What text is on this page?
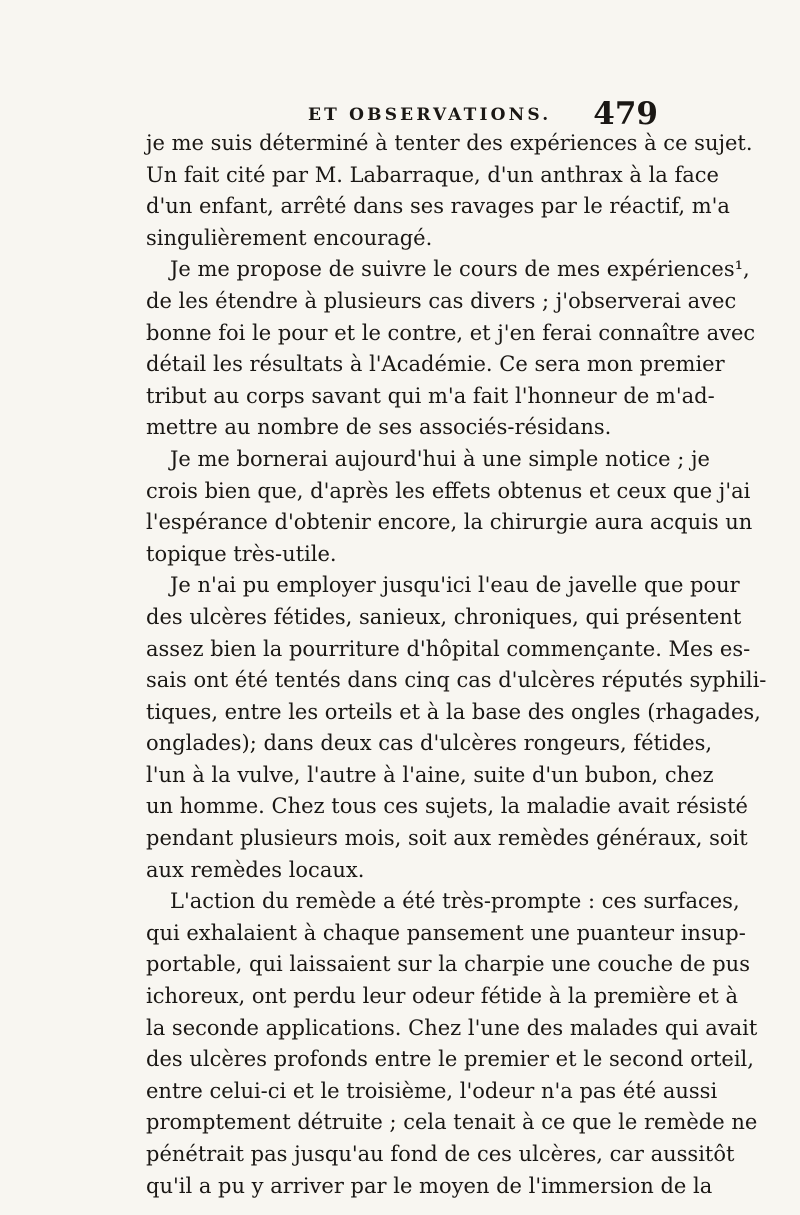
ET OBSERVATIONS. 479
je me suis déterminé à tenter des expériences à ce sujet.
Un fait cité par M. Labarraque, d'un anthrax à la face
d'un enfant, arrêté dans ses ravages par le réactif, m'a
singulièrement encouragé.
Je me propose de suivre le cours de mes expériences¹,
de les étendre à plusieurs cas divers ; j'observerai avec
bonne foi le pour et le contre, et j'en ferai connaître avec
détail les résultats à l'Académie. Ce sera mon premier
tribut au corps savant qui m'a fait l'honneur de m'ad-
mettre au nombre de ses associés-résidans.
Je me bornerai aujourd'hui à une simple notice ; je
crois bien que, d'après les effets obtenus et ceux que j'ai
l'espérance d'obtenir encore, la chirurgie aura acquis un
topique très-utile.
Je n'ai pu employer jusqu'ici l'eau de javelle que pour
des ulcères fétides, sanieux, chroniques, qui présentent
assez bien la pourriture d'hôpital commençante. Mes es-
sais ont été tentés dans cinq cas d'ulcères réputés syphili-
tiques, entre les orteils et à la base des ongles (rhagades,
onglades); dans deux cas d'ulcères rongeurs, fétides,
l'un à la vulve, l'autre à l'aine, suite d'un bubon, chez
un homme. Chez tous ces sujets, la maladie avait résisté
pendant plusieurs mois, soit aux remèdes généraux, soit
aux remèdes locaux.
L'action du remède a été très-prompte : ces surfaces,
qui exhalaient à chaque pansement une puanteur insup-
portable, qui laissaient sur la charpie une couche de pus
ichoreux, ont perdu leur odeur fétide à la première et à
la seconde applications. Chez l'une des malades qui avait
des ulcères profonds entre le premier et le second orteil,
entre celui-ci et le troisième, l'odeur n'a pas été aussi
promptement détruite ; cela tenait à ce que le remède ne
pénétrait pas jusqu'au fond de ces ulcères, car aussitôt
qu'il a pu y arriver par le moyen de l'immersion de la
